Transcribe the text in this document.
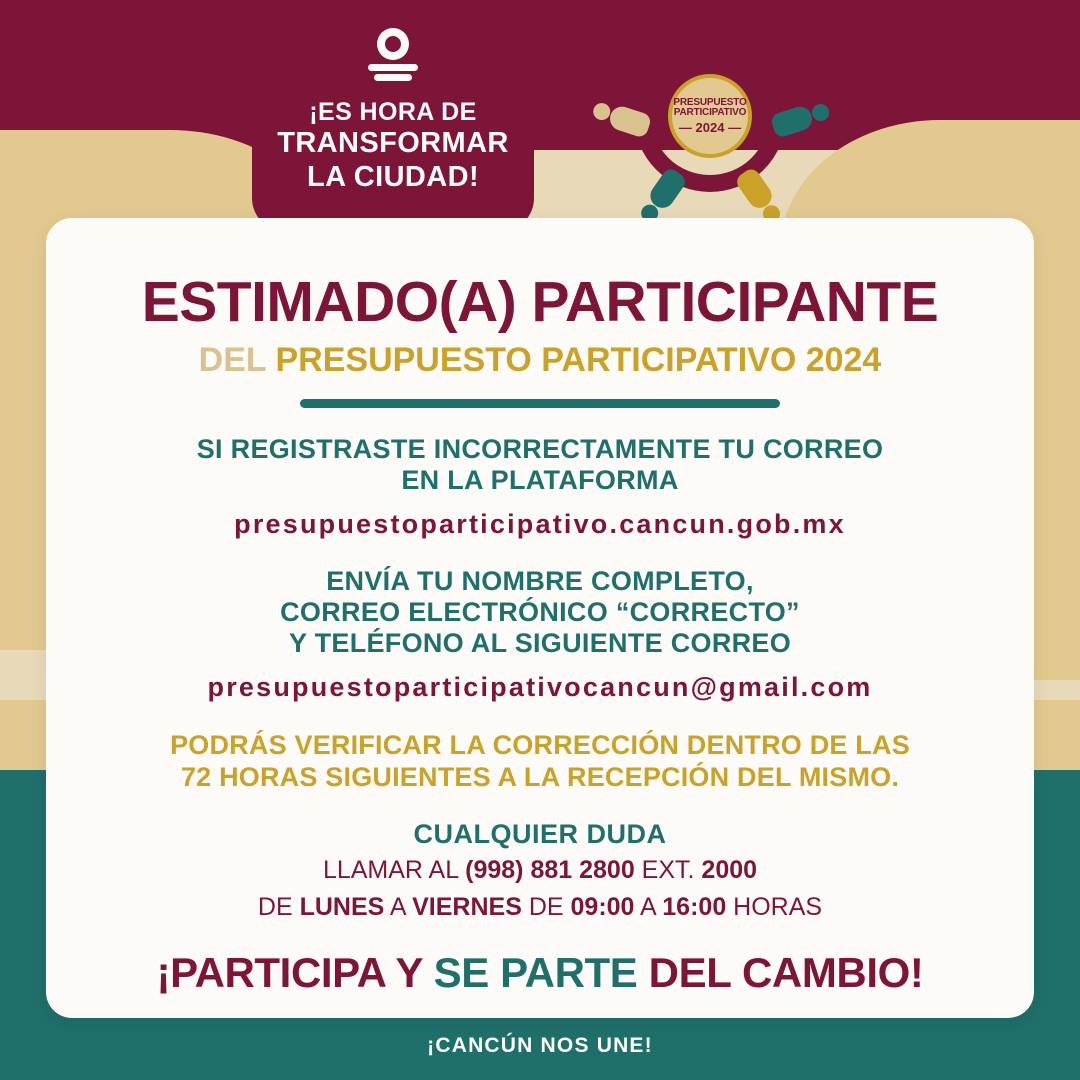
¡ES HORA DE
TRANSFORMAR
LA CIUDAD!
PRESUPUESTO
PARTICIPATIVO
— 2024 —
ESTIMADO(A) PARTICIPANTE
DEL PRESUPUESTO PARTICIPATIVO 2024
SI REGISTRASTE INCORRECTAMENTE TU CORREO
EN LA PLATAFORMA
presupuestoparticipativo.cancun.gob.mx
ENVÍA TU NOMBRE COMPLETO,
CORREO ELECTRÓNICO “CORRECTO”
Y TELÉFONO AL SIGUIENTE CORREO
presupuestoparticipativocancun@gmail.com
PODRÁS VERIFICAR LA CORRECCIÓN DENTRO DE LAS
72 HORAS SIGUIENTES A LA RECEPCIÓN DEL MISMO.
CUALQUIER DUDA
LLAMAR AL (998) 881 2800 EXT. 2000
DE LUNES A VIERNES DE 09:00 A 16:00 HORAS
¡PARTICIPA Y SE PARTE DEL CAMBIO!
¡CANCÚN NOS UNE!
